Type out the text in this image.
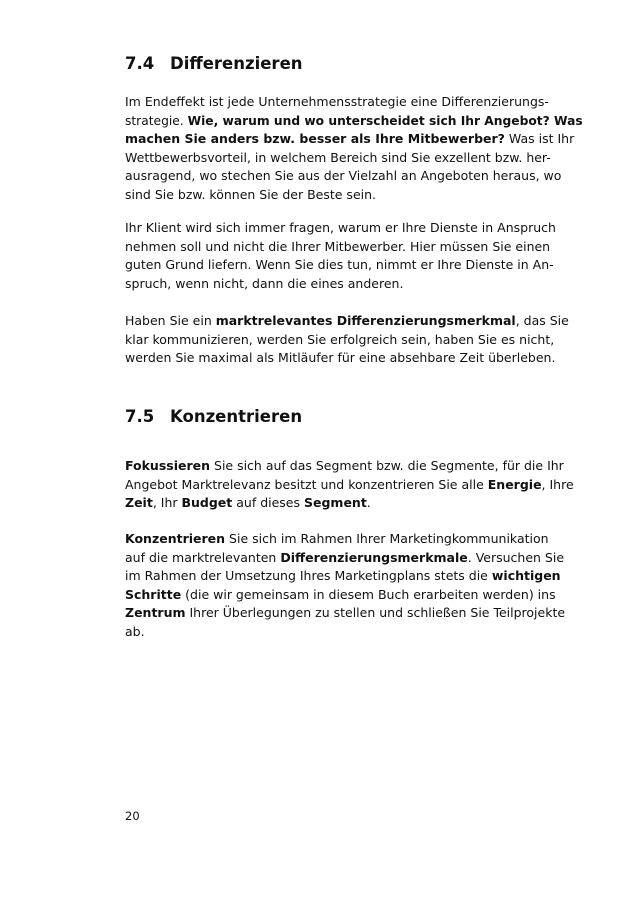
7.4 Differenzieren

Im Endeffekt ist jede Unternehmensstrategie eine Differenzierungs-
strategie. Wie, warum und wo unterscheidet sich Ihr Angebot? Was
machen Sie anders bzw. besser als Ihre Mitbewerber? Was ist Ihr
Wettbewerbsvorteil, in welchem Bereich sind Sie exzellent bzw. her-
ausragend, wo stechen Sie aus der Vielzahl an Angeboten heraus, wo
sind Sie bzw. können Sie der Beste sein.

Ihr Klient wird sich immer fragen, warum er Ihre Dienste in Anspruch
nehmen soll und nicht die Ihrer Mitbewerber. Hier müssen Sie einen
guten Grund liefern. Wenn Sie dies tun, nimmt er Ihre Dienste in An-
spruch, wenn nicht, dann die eines anderen.

Haben Sie ein marktrelevantes Differenzierungsmerkmal, das Sie
klar kommunizieren, werden Sie erfolgreich sein, haben Sie es nicht,
werden Sie maximal als Mitläufer für eine absehbare Zeit überleben.

7.5 Konzentrieren

Fokussieren Sie sich auf das Segment bzw. die Segmente, für die Ihr
Angebot Marktrelevanz besitzt und konzentrieren Sie alle Energie, Ihre
Zeit, Ihr Budget auf dieses Segment.

Konzentrieren Sie sich im Rahmen Ihrer Marketingkommunikation
auf die marktrelevanten Differenzierungsmerkmale. Versuchen Sie
im Rahmen der Umsetzung Ihres Marketingplans stets die wichtigen
Schritte (die wir gemeinsam in diesem Buch erarbeiten werden) ins
Zentrum Ihrer Überlegungen zu stellen und schließen Sie Teilprojekte
ab.

20
